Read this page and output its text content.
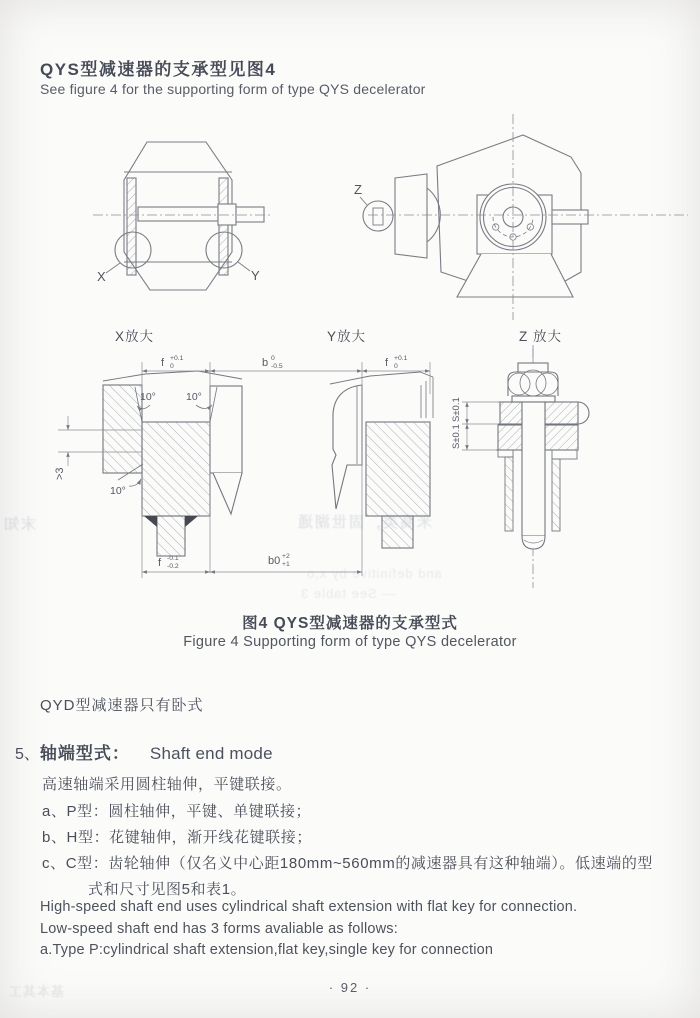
QYS型减速器的支承型见图4
See figure 4 for the supporting form of type QYS decelerator
米高类，固世湖通
末知
and definitive by x,o
— See table 3
基本其工
X	Y
Z
X放大	Y放大	Z 放大
10°	10°
10°
>3
f +0.1
0	b 0
-0.5	f +0.1
0
f -0.1
-0.2	b0 +2
+1
S±0.1
S±0.1
图4 QYS型减速器的支承型式
Figure 4 Supporting form of type QYS decelerator
QYD型减速器只有卧式
5、 轴端型式： Shaft end mode
高速轴端采用圆柱轴伸，平键联接。
a、P型：圆柱轴伸，平键、单键联接；
b、H型：花键轴伸，渐开线花键联接；
c、C型：齿轮轴伸（仅名义中心距180mm~560mm的减速器具有这种轴端）。低速端的型
式和尺寸见图5和表1。
High-speed shaft end uses cylindrical shaft extension with flat key for connection.
Low-speed shaft end has 3 forms avaliable as follows:
a.Type P:cylindrical shaft extension,flat key,single key for connection
· 92 ·
